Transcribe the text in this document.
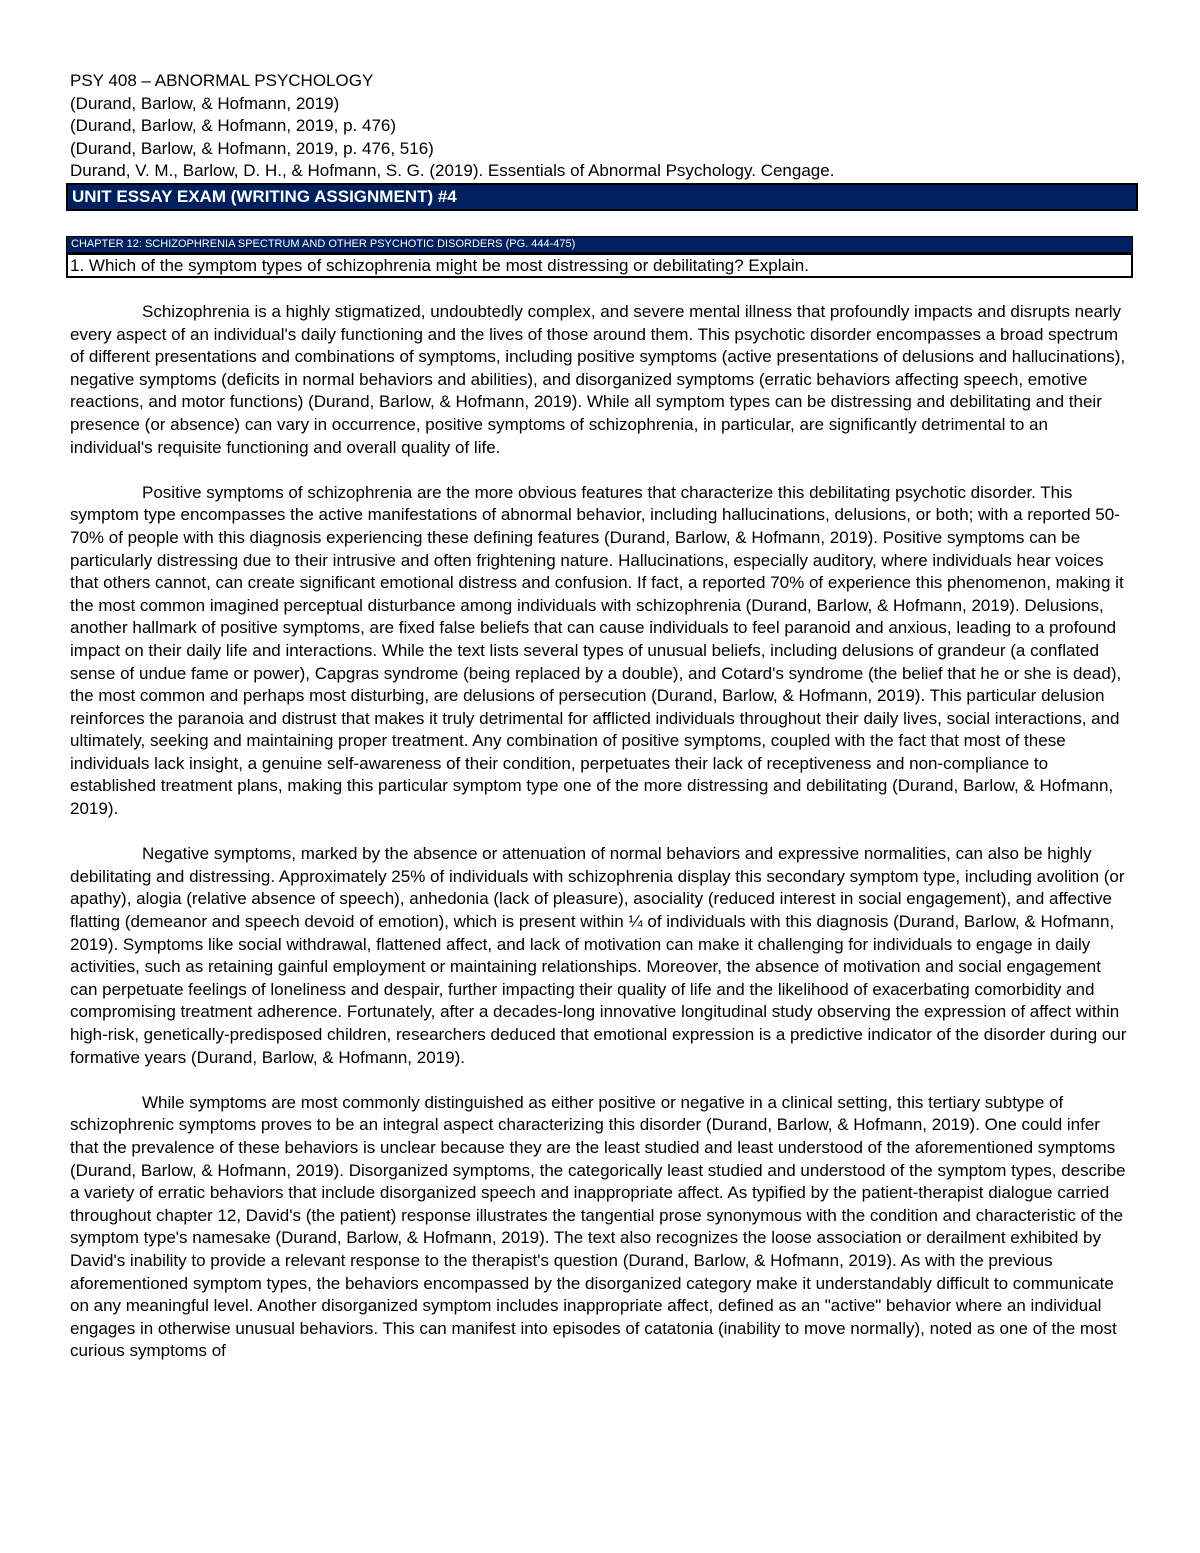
PSY 408 – ABNORMAL PSYCHOLOGY
(Durand, Barlow, & Hofmann, 2019)
(Durand, Barlow, & Hofmann, 2019, p. 476)
(Durand, Barlow, & Hofmann, 2019, p. 476, 516)
Durand, V. M., Barlow, D. H., & Hofmann, S. G. (2019). Essentials of Abnormal Psychology. Cengage.
UNIT ESSAY EXAM (WRITING ASSIGNMENT) #4
CHAPTER 12: SCHIZOPHRENIA SPECTRUM AND OTHER PSYCHOTIC DISORDERS (PG. 444-475)
1. Which of the symptom types of schizophrenia might be most distressing or debilitating? Explain.

Schizophrenia is a highly stigmatized, undoubtedly complex, and severe mental illness that profoundly impacts and disrupts nearly every aspect of an individual's daily functioning and the lives of those around them. This psychotic disorder encompasses a broad spectrum of different presentations and combinations of symptoms, including positive symptoms (active presentations of delusions and hallucinations), negative symptoms (deficits in normal behaviors and abilities), and disorganized symptoms (erratic behaviors affecting speech, emotive reactions, and motor functions) (Durand, Barlow, & Hofmann, 2019). While all symptom types can be distressing and debilitating and their presence (or absence) can vary in occurrence, positive symptoms of schizophrenia, in particular, are significantly detrimental to an individual's requisite functioning and overall quality of life.

Positive symptoms of schizophrenia are the more obvious features that characterize this debilitating psychotic disorder. This symptom type encompasses the active manifestations of abnormal behavior, including hallucinations, delusions, or both; with a reported 50-70% of people with this diagnosis experiencing these defining features (Durand, Barlow, & Hofmann, 2019). Positive symptoms can be particularly distressing due to their intrusive and often frightening nature. Hallucinations, especially auditory, where individuals hear voices that others cannot, can create significant emotional distress and confusion. If fact, a reported 70% of experience this phenomenon, making it the most common imagined perceptual disturbance among individuals with schizophrenia (Durand, Barlow, & Hofmann, 2019). Delusions, another hallmark of positive symptoms, are fixed false beliefs that can cause individuals to feel paranoid and anxious, leading to a profound impact on their daily life and interactions. While the text lists several types of unusual beliefs, including delusions of grandeur (a conflated sense of undue fame or power), Capgras syndrome (being replaced by a double), and Cotard's syndrome (the belief that he or she is dead), the most common and perhaps most disturbing, are delusions of persecution (Durand, Barlow, & Hofmann, 2019). This particular delusion reinforces the paranoia and distrust that makes it truly detrimental for afflicted individuals throughout their daily lives, social interactions, and ultimately, seeking and maintaining proper treatment. Any combination of positive symptoms, coupled with the fact that most of these individuals lack insight, a genuine self-awareness of their condition, perpetuates their lack of receptiveness and non-compliance to established treatment plans, making this particular symptom type one of the more distressing and debilitating (Durand, Barlow, & Hofmann, 2019).

Negative symptoms, marked by the absence or attenuation of normal behaviors and expressive normalities, can also be highly debilitating and distressing. Approximately 25% of individuals with schizophrenia display this secondary symptom type, including avolition (or apathy), alogia (relative absence of speech), anhedonia (lack of pleasure), asociality (reduced interest in social engagement), and affective flatting (demeanor and speech devoid of emotion), which is present within ¼ of individuals with this diagnosis (Durand, Barlow, & Hofmann, 2019). Symptoms like social withdrawal, flattened affect, and lack of motivation can make it challenging for individuals to engage in daily activities, such as retaining gainful employment or maintaining relationships. Moreover, the absence of motivation and social engagement can perpetuate feelings of loneliness and despair, further impacting their quality of life and the likelihood of exacerbating comorbidity and compromising treatment adherence. Fortunately, after a decades-long innovative longitudinal study observing the expression of affect within high-risk, genetically-predisposed children, researchers deduced that emotional expression is a predictive indicator of the disorder during our formative years (Durand, Barlow, & Hofmann, 2019).

While symptoms are most commonly distinguished as either positive or negative in a clinical setting, this tertiary subtype of schizophrenic symptoms proves to be an integral aspect characterizing this disorder (Durand, Barlow, & Hofmann, 2019). One could infer that the prevalence of these behaviors is unclear because they are the least studied and least understood of the aforementioned symptoms (Durand, Barlow, & Hofmann, 2019). Disorganized symptoms, the categorically least studied and understood of the symptom types, describe a variety of erratic behaviors that include disorganized speech and inappropriate affect. As typified by the patient-therapist dialogue carried throughout chapter 12, David's (the patient) response illustrates the tangential prose synonymous with the condition and characteristic of the symptom type's namesake (Durand, Barlow, & Hofmann, 2019). The text also recognizes the loose association or derailment exhibited by David's inability to provide a relevant response to the therapist's question (Durand, Barlow, & Hofmann, 2019). As with the previous aforementioned symptom types, the behaviors encompassed by the disorganized category make it understandably difficult to communicate on any meaningful level. Another disorganized symptom includes inappropriate affect, defined as an "active" behavior where an individual engages in otherwise unusual behaviors. This can manifest into episodes of catatonia (inability to move normally), noted as one of the most curious symptoms of
